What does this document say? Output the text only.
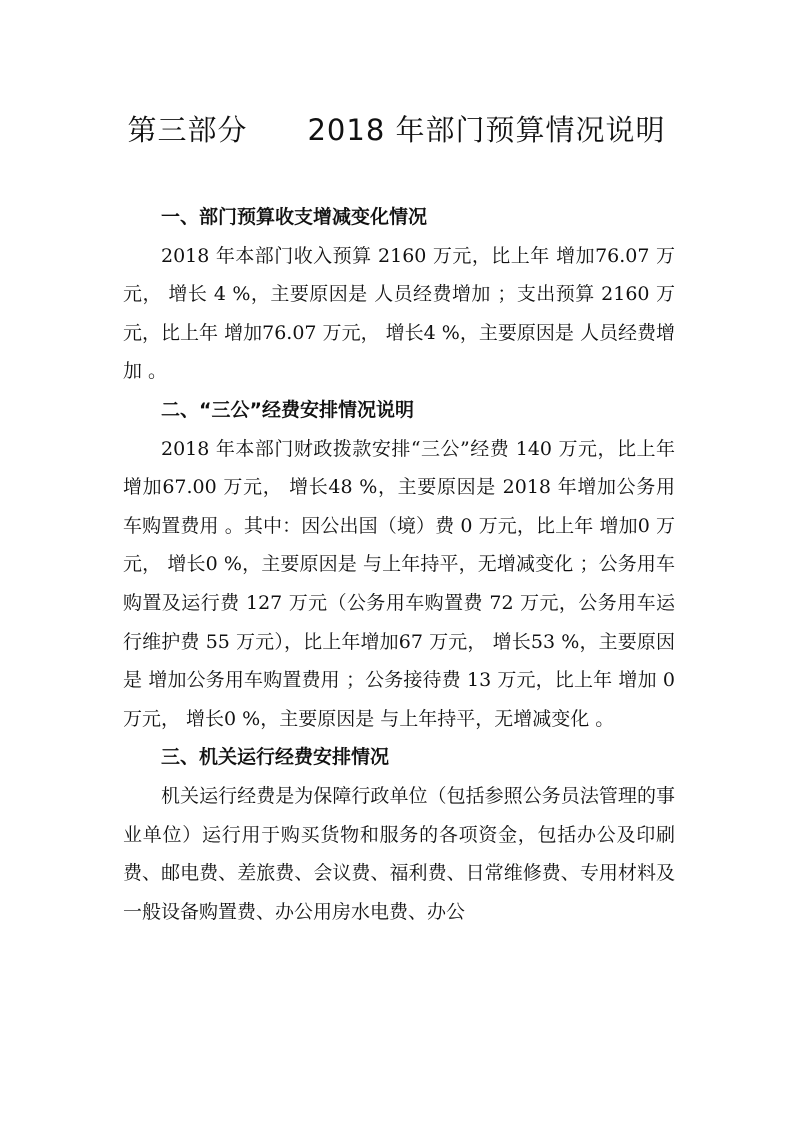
第三部分　　2018 年部门预算情况说明
一、部门预算收支增减变化情况

2018 年本部门收入预算 2160 万元，比上年 增加76.07 万元， 增长 4 %，主要原因是 人员经费增加 ；支出预算 2160 万元，比上年 增加76.07 万元， 增长4 %，主要原因是 人员经费增加 。

二、“三公”经费安排情况说明

2018 年本部门财政拨款安排“三公”经费 140 万元，比上年 增加67.00 万元， 增长48 %，主要原因是 2018 年增加公务用车购置费用 。其中：因公出国（境）费 0 万元，比上年 增加0 万元， 增长0 %，主要原因是 与上年持平，无增减变化 ；公务用车购置及运行费 127 万元（公务用车购置费 72 万元，公务用车运行维护费 55 万元），比上年增加67 万元， 增长53 %，主要原因是 增加公务用车购置费用 ；公务接待费 13 万元，比上年 增加 0 万元， 增长0 %，主要原因是 与上年持平，无增减变化 。

三、机关运行经费安排情况

机关运行经费是为保障行政单位（包括参照公务员法管理的事业单位）运行用于购买货物和服务的各项资金，包括办公及印刷费、邮电费、差旅费、会议费、福利费、日常维修费、专用材料及一般设备购置费、办公用房水电费、办公
